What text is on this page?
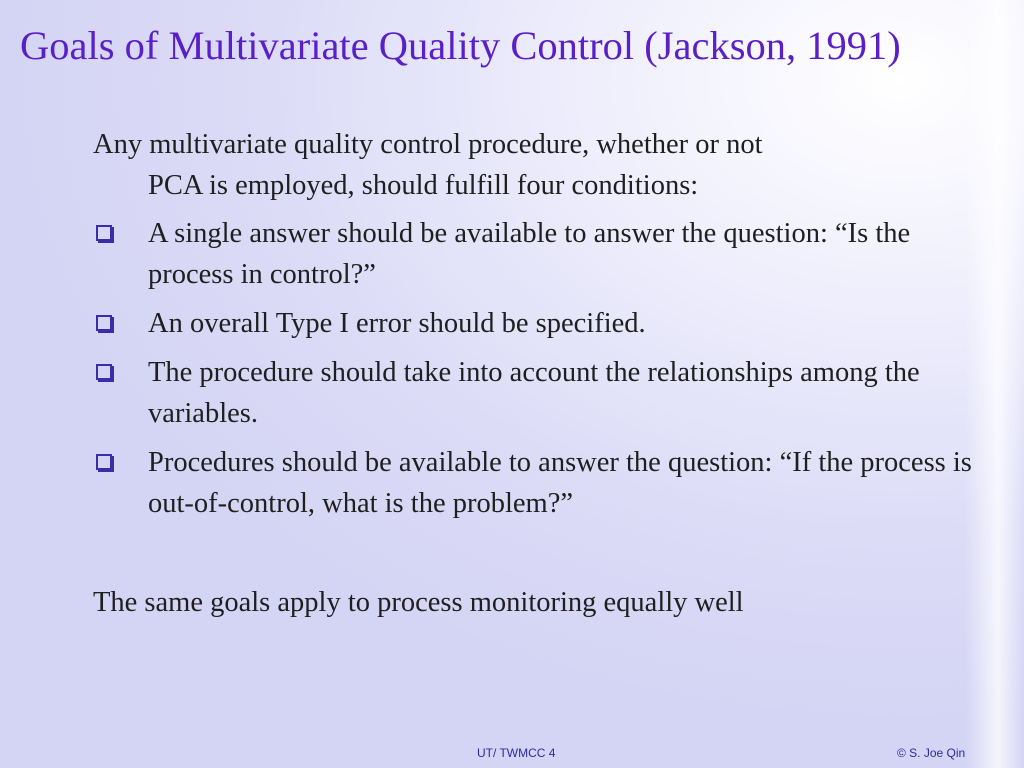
Goals of Multivariate Quality Control (Jackson, 1991)
Any multivariate quality control procedure, whether or not
PCA is employed, should fulfill four conditions:
A single answer should be available to answer the question: “Is the process in control?”
An overall Type I error should be specified.
The procedure should take into account the relationships among the variables.
Procedures should be available to answer the question: “If the process is out-of-control, what is the problem?”
The same goals apply to process monitoring equally well
UT/ TWMCC 4	© S. Joe Qin
